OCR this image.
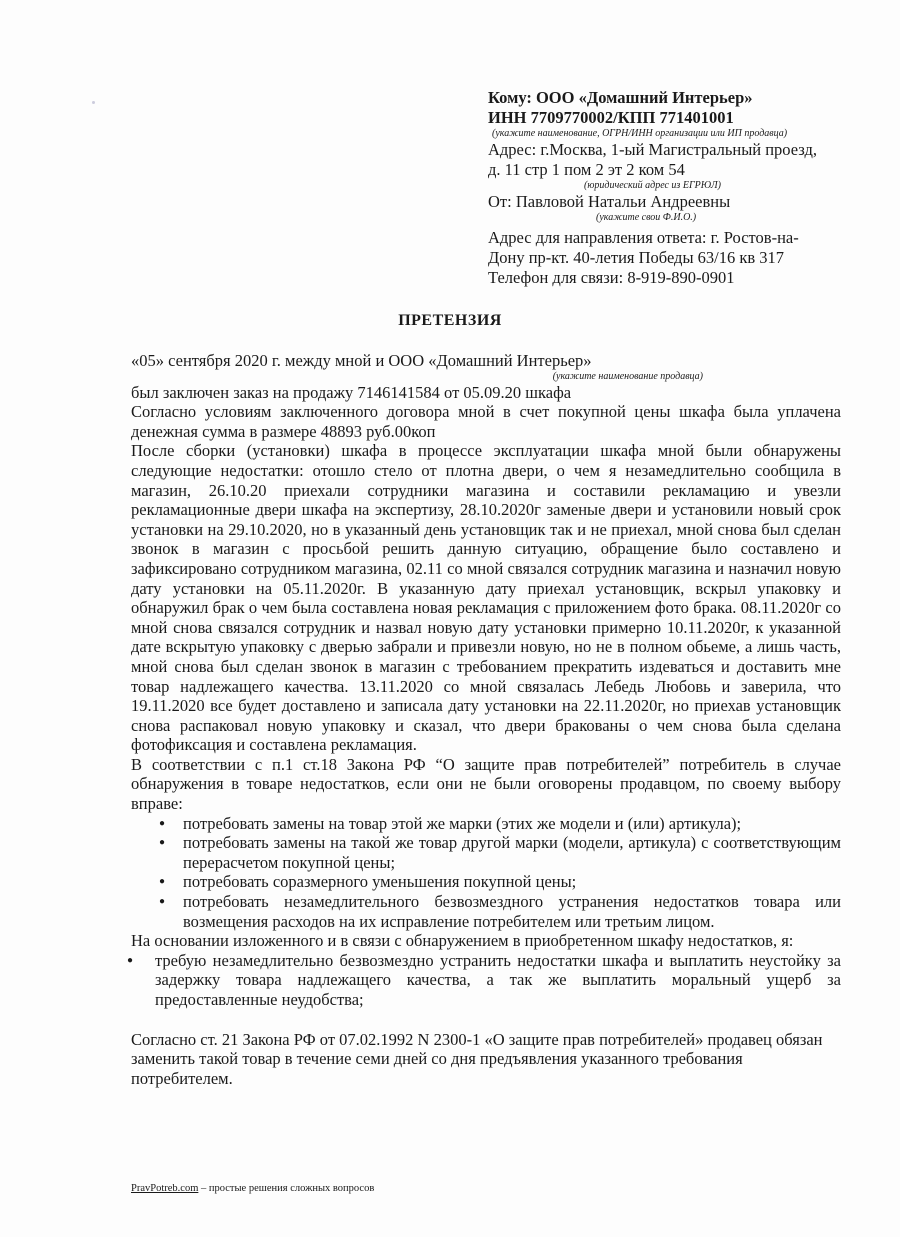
Кому: ООО «Домашний Интерьер»
ИНН 7709770002/КПП 771401001
(укажите наименование, ОГРН/ИНН организации или ИП продавца)
Адрес: г.Москва, 1-ый Магистральный проезд,
д. 11 стр 1 пом 2 эт 2 ком 54
(юридический адрес из ЕГРЮЛ)
От: Павловой Натальи Андреевны
(укажите свои Ф.И.О.)
Адрес для направления ответа: г. Ростов-на-
Дону пр-кт. 40-летия Победы 63/16 кв 317
Телефон для связи: 8-919-890-0901
ПРЕТЕНЗИЯ
«05» сентября 2020 г. между мной и ООО «Домашний Интерьер»
(укажите наименование продавца)
был заключен заказ на продажу 7146141584 от 05.09.20 шкафа
Согласно условиям заключенного договора мной в счет покупной цены шкафа была уплачена денежная сумма в размере 48893 руб.00коп
После сборки (установки) шкафа в процессе эксплуатации шкафа мной были обнаружены следующие недостатки: отошло стело от плотна двери, о чем я незамедлительно сообщила в магазин, 26.10.20 приехали сотрудники магазина и составили рекламацию и увезли рекламационные двери шкафа на экспертизу, 28.10.2020г заменые двери и установили новый срок установки на 29.10.2020, но в указанный день установщик так и не приехал, мной снова был сделан звонок в магазин с просьбой решить данную ситуацию, обращение было составлено и зафиксировано сотрудником магазина, 02.11 со мной связался сотрудник магазина и назначил новую дату установки на 05.11.2020г. В указанную дату приехал установщик, вскрыл упаковку и обнаружил брак о чем была составлена новая рекламация с приложением фото брака. 08.11.2020г со мной снова связался сотрудник и назвал новую дату установки примерно 10.11.2020г, к указанной дате вскрытую упаковку с дверью забрали и привезли новую, но не в полном обьеме, а лишь часть, мной снова был сделан звонок в магазин с требованием прекратить издеваться и доставить мне товар надлежащего качества. 13.11.2020 со мной связалась Лебедь Любовь и заверила, что 19.11.2020 все будет доставлено и записала дату установки на 22.11.2020г, но приехав установщик снова распаковал новую упаковку и сказал, что двери бракованы о чем снова была сделана фотофиксация и составлена рекламация.
В соответствии с п.1 ст.18 Закона РФ “О защите прав потребителей” потребитель в случае обнаружения в товаре недостатков, если они не были оговорены продавцом, по своему выбору вправе:
● потребовать замены на товар этой же марки (этих же модели и (или) артикула);
● потребовать замены на такой же товар другой марки (модели, артикула) с соответствующим перерасчетом покупной цены;
● потребовать соразмерного уменьшения покупной цены;
● потребовать незамедлительного безвозмездного устранения недостатков товара или возмещения расходов на их исправление потребителем или третьим лицом.
На основании изложенного и в связи с обнаружением в приобретенном шкафу недостатков, я:
● требую незамедлительно безвозмездно устранить недостатки шкафа и выплатить неустойку за задержку товара надлежащего качества, а так же выплатить моральный ущерб за предоставленные неудобства;
Согласно ст. 21 Закона РФ от 07.02.1992 N 2300-1 «О защите прав потребителей» продавец обязан заменить такой товар в течение семи дней со дня предъявления указанного требования потребителем.
PravPotreb.com – простые решения сложных вопросов
